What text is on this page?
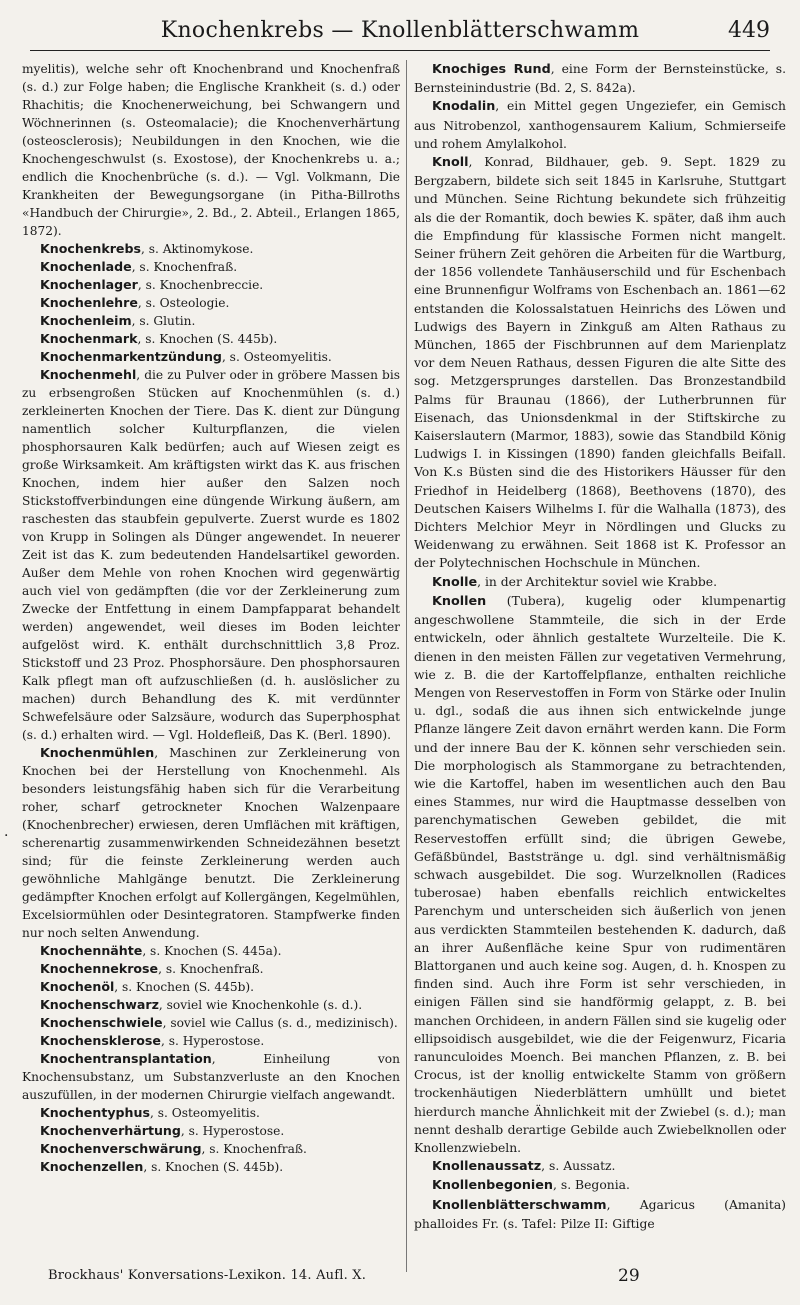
Knochenkrebs — Knollenblätterschwamm	449
·

myelitis), welche sehr oft Knochenbrand und Knochenfraß (s. d.) zur Folge haben; die Englische Krankheit (s. d.) oder Rhachitis; die Knochenerweichung, bei Schwangern und Wöchnerinnen (s. Osteomalacie); die Knochenverhärtung (osteosclerosis); Neubildungen in den Knochen, wie die Knochengeschwulst (s. Exostose), der Knochenkrebs u. a.; endlich die Knochenbrüche (s. d.). — Vgl. Volkmann, Die Krankheiten der Bewegungsorgane (in Pitha-Billroths «Handbuch der Chirurgie», 2. Bd., 2. Abteil., Erlangen 1865, 1872).

Knochenkrebs, s. Aktinomykose.

Knochenlade, s. Knochenfraß.

Knochenlager, s. Knochenbreccie.

Knochenlehre, s. Osteologie.

Knochenleim, s. Glutin.

Knochenmark, s. Knochen (S. 445b).

Knochenmarkentzündung, s. Osteomyelitis.

Knochenmehl, die zu Pulver oder in gröbere Massen bis zu erbsengroßen Stücken auf Knochenmühlen (s. d.) zerkleinerten Knochen der Tiere. Das K. dient zur Düngung namentlich solcher Kulturpflanzen, die vielen phosphorsauren Kalk bedürfen; auch auf Wiesen zeigt es große Wirksamkeit. Am kräftigsten wirkt das K. aus frischen Knochen, indem hier außer den Salzen noch Stickstoffverbindungen eine düngende Wirkung äußern, am raschesten das staubfein gepulverte. Zuerst wurde es 1802 von Krupp in Solingen als Dünger angewendet. In neuerer Zeit ist das K. zum bedeutenden Handelsartikel geworden. Außer dem Mehle von rohen Knochen wird gegenwärtig auch viel von gedämpften (die vor der Zerkleinerung zum Zwecke der Entfettung in einem Dampfapparat behandelt werden) angewendet, weil dieses im Boden leichter aufgelöst wird. K. enthält durchschnittlich 3,8 Proz. Stickstoff und 23 Proz. Phosphorsäure. Den phosphorsauren Kalk pflegt man oft aufzuschließen (d. h. auslöslicher zu machen) durch Behandlung des K. mit verdünnter Schwefelsäure oder Salzsäure, wodurch das Superphosphat (s. d.) erhalten wird. — Vgl. Holdefleiß, Das K. (Berl. 1890).

Knochenmühlen, Maschinen zur Zerkleinerung von Knochen bei der Herstellung von Knochenmehl. Als besonders leistungsfähig haben sich für die Verarbeitung roher, scharf getrockneter Knochen Walzenpaare (Knochenbrecher) erwiesen, deren Umflächen mit kräftigen, scherenartig zusammenwirkenden Schneidezähnen besetzt sind; für die feinste Zerkleinerung werden auch gewöhnliche Mahlgänge benutzt. Die Zerkleinerung gedämpfter Knochen erfolgt auf Kollergängen, Kegelmühlen, Excelsiormühlen oder Desintegratoren. Stampfwerke finden nur noch selten Anwendung.

Knochennähte, s. Knochen (S. 445a).

Knochennekrose, s. Knochenfraß.

Knochenöl, s. Knochen (S. 445b).

Knochenschwarz, soviel wie Knochenkohle (s. d.).

Knochenschwiele, soviel wie Callus (s. d., medizinisch).

Knochensklerose, s. Hyperostose.

Knochentransplantation, Einheilung von Knochensubstanz, um Substanzverluste an den Knochen auszufüllen, in der modernen Chirurgie vielfach angewandt.

Knochentyphus, s. Osteomyelitis.

Knochenverhärtung, s. Hyperostose.

Knochenverschwärung, s. Knochenfraß.

Knochenzellen, s. Knochen (S. 445b).

Knochiges Rund, eine Form der Bernsteinstücke, s. Bernsteinindustrie (Bd. 2, S. 842a).

Knodalin, ein Mittel gegen Ungeziefer, ein Gemisch aus Nitrobenzol, xanthogensaurem Kalium, Schmierseife und rohem Amylalkohol.

Knoll, Konrad, Bildhauer, geb. 9. Sept. 1829 zu Bergzabern, bildete sich seit 1845 in Karlsruhe, Stuttgart und München. Seine Richtung bekundete sich frühzeitig als die der Romantik, doch bewies K. später, daß ihm auch die Empfindung für klassische Formen nicht mangelt. Seiner frühern Zeit gehören die Arbeiten für die Wartburg, der 1856 vollendete Tanhäuserschild und für Eschenbach eine Brunnenfigur Wolframs von Eschenbach an. 1861—62 entstanden die Kolossalstatuen Heinrichs des Löwen und Ludwigs des Bayern in Zinkguß am Alten Rathaus zu München, 1865 der Fischbrunnen auf dem Marienplatz vor dem Neuen Rathaus, dessen Figuren die alte Sitte des sog. Metzgersprunges darstellen. Das Bronzestandbild Palms für Braunau (1866), der Lutherbrunnen für Eisenach, das Unionsdenkmal in der Stiftskirche zu Kaiserslautern (Marmor, 1883), sowie das Standbild König Ludwigs I. in Kissingen (1890) fanden gleichfalls Beifall. Von K.s Büsten sind die des Historikers Häusser für den Friedhof in Heidelberg (1868), Beethovens (1870), des Deutschen Kaisers Wilhelms I. für die Walhalla (1873), des Dichters Melchior Meyr in Nördlingen und Glucks zu Weidenwang zu erwähnen. Seit 1868 ist K. Professor an der Polytechnischen Hochschule in München.

Knolle, in der Architektur soviel wie Krabbe.

Knollen (Tubera), kugelig oder klumpenartig angeschwollene Stammteile, die sich in der Erde entwickeln, oder ähnlich gestaltete Wurzelteile. Die K. dienen in den meisten Fällen zur vegetativen Vermehrung, wie z. B. die der Kartoffelpflanze, enthalten reichliche Mengen von Reservestoffen in Form von Stärke oder Inulin u. dgl., sodaß die aus ihnen sich entwickelnde junge Pflanze längere Zeit davon ernährt werden kann. Die Form und der innere Bau der K. können sehr verschieden sein. Die morphologisch als Stammorgane zu betrachtenden, wie die Kartoffel, haben im wesentlichen auch den Bau eines Stammes, nur wird die Hauptmasse desselben von parenchymatischen Geweben gebildet, die mit Reservestoffen erfüllt sind; die übrigen Gewebe, Gefäßbündel, Baststränge u. dgl. sind verhältnismäßig schwach ausgebildet. Die sog. Wurzelknollen (Radices tuberosae) haben ebenfalls reichlich entwickeltes Parenchym und unterscheiden sich äußerlich von jenen aus verdickten Stammteilen bestehenden K. dadurch, daß an ihrer Außenfläche keine Spur von rudimentären Blattorganen und auch keine sog. Augen, d. h. Knospen zu finden sind. Auch ihre Form ist sehr verschieden, in einigen Fällen sind sie handförmig gelappt, z. B. bei manchen Orchideen, in andern Fällen sind sie kugelig oder ellipsoidisch ausgebildet, wie die der Feigenwurz, Ficaria ranunculoides Moench. Bei manchen Pflanzen, z. B. bei Crocus, ist der knollig entwickelte Stamm von größern trockenhäutigen Niederblättern umhüllt und bietet hierdurch manche Ähnlichkeit mit der Zwiebel (s. d.); man nennt deshalb derartige Gebilde auch Zwiebelknollen oder Knollenzwiebeln.

Knollenaussatz, s. Aussatz.

Knollenbegonien, s. Begonia.

Knollenblätterschwamm, Agaricus (Amanita) phalloides Fr. (s. Tafel: Pilze II: Giftige

Brockhaus' Konversations-Lexikon. 14. Aufl. X.	29
